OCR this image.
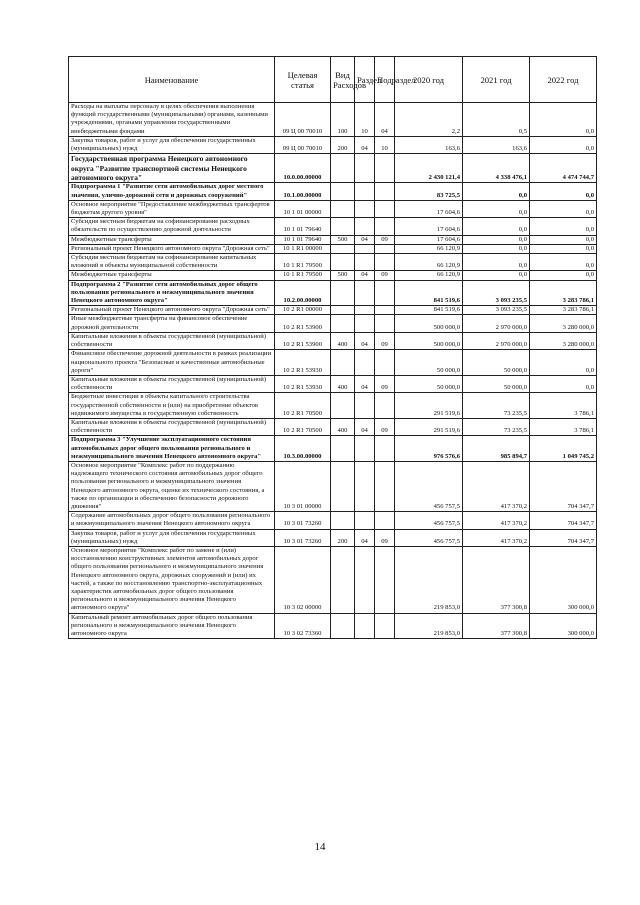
Наименование	Целевая статья	Вид Расходов	Раздел	Подраздел	2020 год	2021 год	2022 год
Расходы на выплаты персоналу в целях обеспечения выполнения функций государственными (муниципальными) органами, казенными учреждениями, органами управления государственными внебюджетными фондами	09 Ц 00 70010	100	10	04	2,2	0,5	0,0
Закупка товаров, работ и услуг для обеспечения государственных (муниципальных) нужд	09 Ц 00 70010	200	04	10	163,6	163,6	0,0
Государственная программа Ненецкого автономного округа "Развитие транспортной системы Ненецкого автономного округа"	10.0.00.00000				2 430 121,4	4 338 476,1	4 474 744,7
Подпрограмма 1 "Развитие сети автомобильных дорог местного значения, улично-дорожной сети и дорожных сооружений"	10.1.00.00000				83 725,5	0,0	0,0
Основное мероприятие "Предоставление межбюджетных трансфертов бюджетам другого уровня"	10 1 01 00000				17 604,6	0,0	0,0
Субсидия местным бюджетам на софинансирование расходных обязательств по осуществлению дорожной деятельности	10 1 01 79640				17 604,6	0,0	0,0
Межбюджетные трансферты	10 1 01 79640	500	04	09	17 604,6	0,0	0,0
Региональный проект Ненецкого автономного округа "Дорожная сеть"	10 1 R1 00000				66 120,9	0,0	0,0
Субсидия местным бюджетам на софинансирование капитальных вложений в объекты муниципальной собственности	10 1 R1 79500				66 120,9	0,0	0,0
Межбюджетные трансферты	10 1 R1 79500	500	04	09	66 120,9	0,0	0,0
Подпрограмма 2 "Развитие сети автомобильных дорог общего пользования регионального и межмуниципального значения Ненецкого автономного округа"	10.2.00.00000				841 519,6	3 093 235,5	3 283 786,1
Региональный проект Ненецкого автономного округа "Дорожная сеть"	10 2 R1 00000				841 519,6	3 093 235,5	3 283 786,1
Иные межбюджетные трансферты на финансовое обеспечение дорожной деятельности	10 2 R1 53900				500 000,0	2 970 000,0	3 280 000,0
Капитальные вложения в объекты государственной (муниципальной) собственности	10 2 R1 53900	400	04	09	500 000,0	2 970 000,0	3 280 000,0
Финансовое обеспечение дорожной деятельности в рамках реализации национального проекта "Безопасные и качественные автомобильные дороги"	10 2 R1 53930				50 000,0	50 000,0	0,0
Капитальные вложения в объекты государственной (муниципальной) собственности	10 2 R1 53930	400	04	09	50 000,0	50 000,0	0,0
Бюджетные инвестиции в объекты капитального строительства государственной собственности и (или) на приобретение объектов недвижимого имущества в государственную собственность	10 2 R1 70500				291 519,6	73 235,5	3 786,1
Капитальные вложения в объекты государственной (муниципальной) собственности	10 2 R1 70500	400	04	09	291 519,6	73 235,5	3 786,1
Подпрограмма 3 "Улучшение эксплуатационного состояния автомобильных дорог общего пользования регионального и межмуниципального значения Ненецкого автономного округа"	10.3.00.00000				976 576,6	985 894,7	1 049 745,2
Основное мероприятие "Комплекс работ по поддержанию надлежащего технического состояния автомобильных дорог общего пользования регионального и межмуниципального значения Ненецкого автономного округа, оценке их технического состояния, а также по организации и обеспечению безопасности дорожного движения"	10 3 01 00000				456 757,5	417 370,2	704 347,7
Содержание автомобильных дорог общего пользования регионального и межмуниципального значения Ненецкого автономного округа	10 3 01 73260				456 757,5	417 370,2	704 347,7
Закупка товаров, работ и услуг для обеспечения государственных (муниципальных) нужд	10 3 01 73260	200	04	09	456 757,5	417 370,2	704 347,7
Основное мероприятие "Комплекс работ по замене и (или) восстановлению конструктивных элементов автомобильных дорог общего пользования регионального и межмуниципального значения Ненецкого автономного округа, дорожных сооружений и (или) их частей, а также по восстановлению транспортно-эксплуатационных характеристик автомобильных дорог общего пользования регионального и межмуниципального значения Ненецкого автономного округа"	10 3 02 00000				219 853,0	377 300,8	300 000,0
Капитальный ремонт автомобильных дорог общего пользования регионального и межмуниципального значения Ненецкого автономного округа	10 3 02 73360				219 853,0	377 300,8	300 000,0
14
